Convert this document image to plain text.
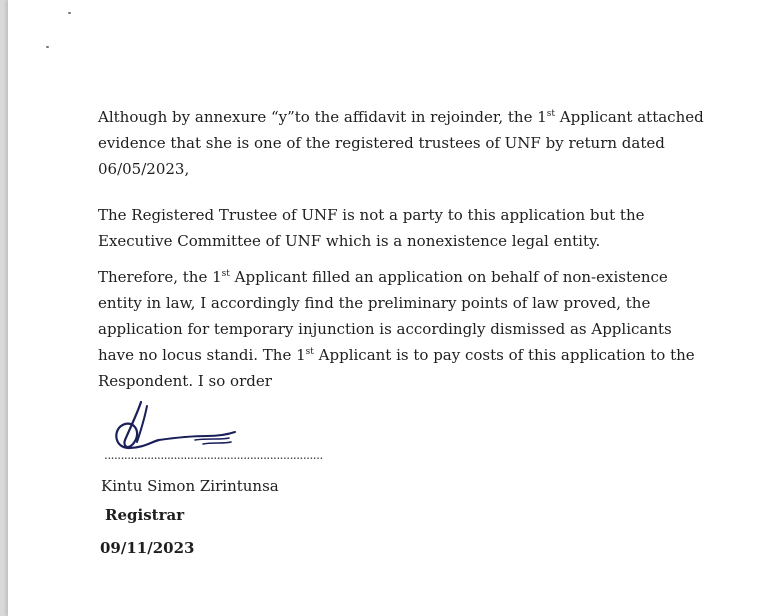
Although by annexure “y”to the affidavit in rejoinder, the 1st Applicant attached
evidence that she is one of the registered trustees of UNF by return dated
06/05/2023,
The Registered Trustee of UNF is not a party to this application but the
Executive Committee of UNF which is a nonexistence legal entity.
Therefore, the 1st Applicant filled an application on behalf of non-existence
entity in law, I accordingly find the preliminary points of law proved, the
application for temporary injunction is accordingly dismissed as Applicants
have no locus standi. The 1st Applicant is to pay costs of this application to the
Respondent. I so order
..................................................................
Kintu Simon Zirintunsa
Registrar
09/11/2023
